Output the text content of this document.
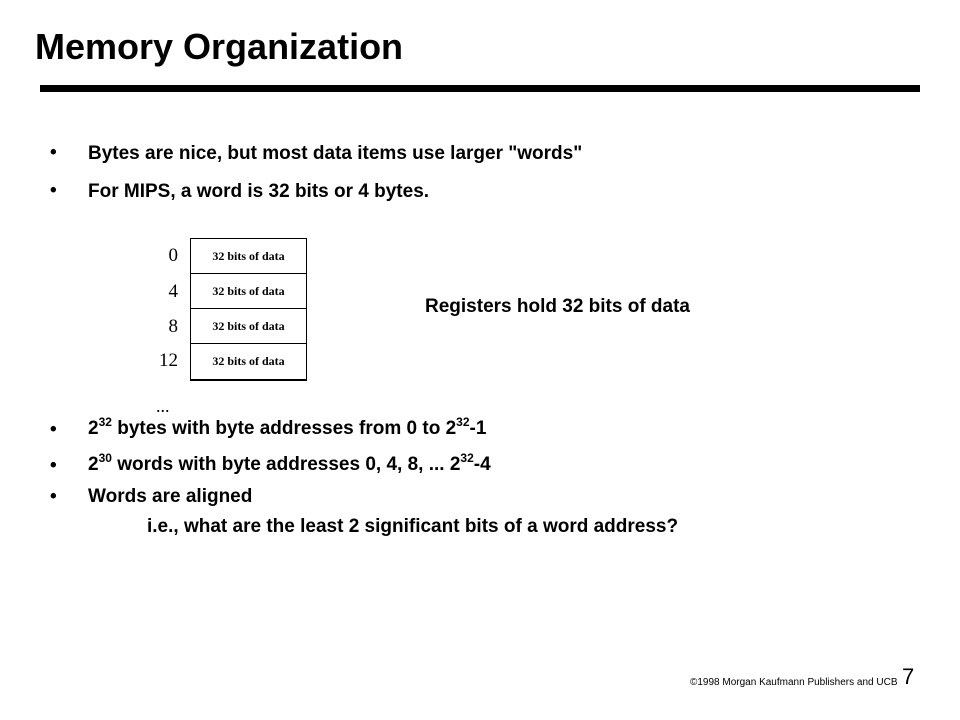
Memory Organization
• Bytes are nice, but most data items use larger "words"
• For MIPS, a word is 32 bits or 4 bytes.
0
4
8
12
32 bits of data
32 bits of data
32 bits of data
32 bits of data
...
Registers hold 32 bits of data
• $2^{32}$ bytes with byte addresses from 0 to $2^{32}-1$
• $2^{30}$ words with byte addresses 0, 4, 8, ... $2^{32}-4$
• Words are aligned
i.e., what are the least 2 significant bits of a word address?
©1998 Morgan Kaufmann Publishers and UCB 7
